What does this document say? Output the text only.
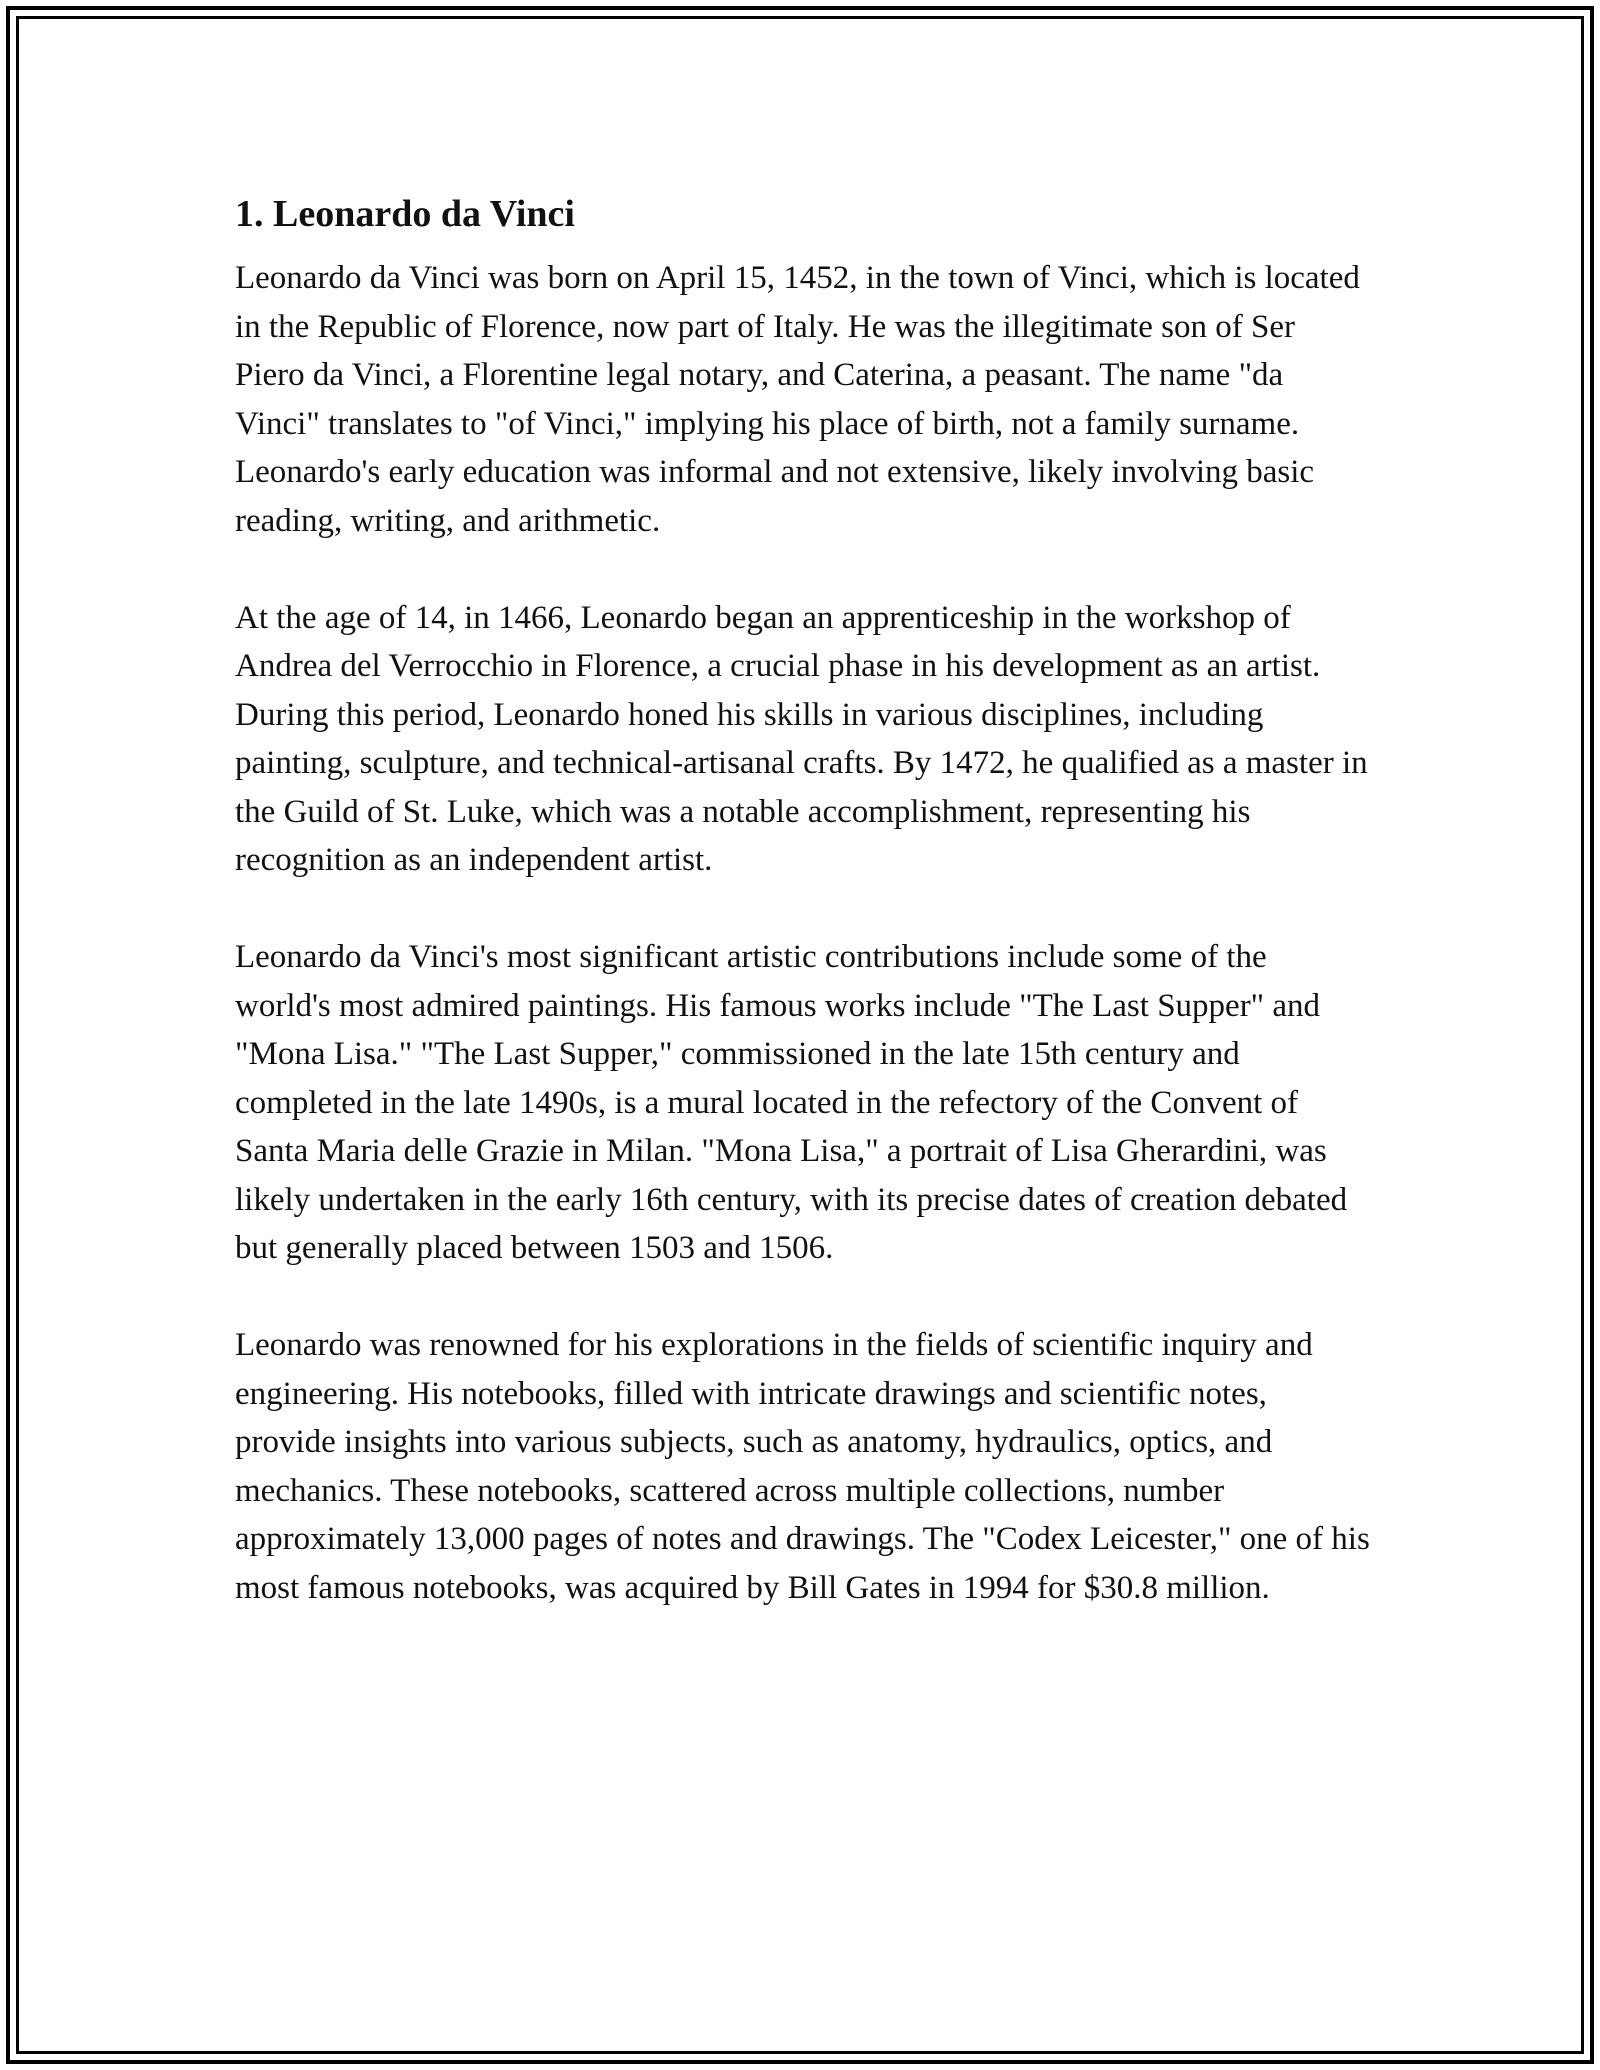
1. Leonardo da Vinci

Leonardo da Vinci was born on April 15, 1452, in the town of Vinci, which is located in the Republic of Florence, now part of Italy. He was the illegitimate son of Ser Piero da Vinci, a Florentine legal notary, and Caterina, a peasant. The name "da Vinci" translates to "of Vinci," implying his place of birth, not a family surname. Leonardo's early education was informal and not extensive, likely involving basic reading, writing, and arithmetic.

At the age of 14, in 1466, Leonardo began an apprenticeship in the workshop of Andrea del Verrocchio in Florence, a crucial phase in his development as an artist. During this period, Leonardo honed his skills in various disciplines, including painting, sculpture, and technical-artisanal crafts. By 1472, he qualified as a master in the Guild of St. Luke, which was a notable accomplishment, representing his recognition as an independent artist.

Leonardo da Vinci's most significant artistic contributions include some of the world's most admired paintings. His famous works include "The Last Supper" and "Mona Lisa." "The Last Supper," commissioned in the late 15th century and completed in the late 1490s, is a mural located in the refectory of the Convent of Santa Maria delle Grazie in Milan. "Mona Lisa," a portrait of Lisa Gherardini, was likely undertaken in the early 16th century, with its precise dates of creation debated but generally placed between 1503 and 1506.

Leonardo was renowned for his explorations in the fields of scientific inquiry and engineering. His notebooks, filled with intricate drawings and scientific notes, provide insights into various subjects, such as anatomy, hydraulics, optics, and mechanics. These notebooks, scattered across multiple collections, number approximately 13,000 pages of notes and drawings. The "Codex Leicester," one of his most famous notebooks, was acquired by Bill Gates in 1994 for $30.8 million.
